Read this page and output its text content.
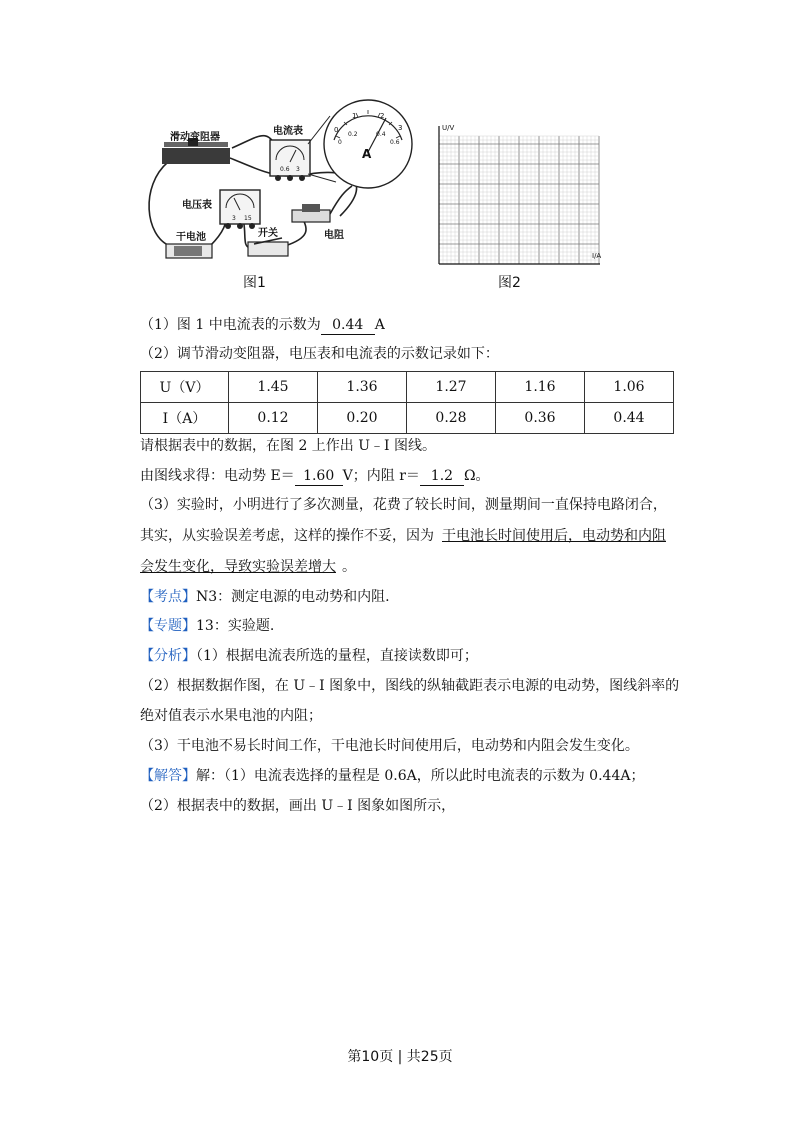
滑动变阻器
0.6 3
电流表	0
1	2
3
0
0.2	0.4
0.6
A
3 15
电压表
电阻
干电池	开关
U/V
I/A
图1	图2
（1）图 1 中电流表的示数为 0.44 A
（2）调节滑动变阻器，电压表和电流表的示数记录如下：
U（V）	1.45	1.36	1.27	1.16	1.06
I（A）	0.12	0.20	0.28	0.36	0.44
请根据表中的数据，在图 2 上作出 U﹣I 图线。
由图线求得：电动势 E＝ 1.60 V；内阻 r＝ 1.2 Ω。
（3）实验时，小明进行了多次测量，花费了较长时间，测量期间一直保持电路闭合，
其实，从实验误差考虑，这样的操作不妥，因为 干电池长时间使用后，电动势和内阻
会发生变化，导致实验误差增大 。
【考点】N3：测定电源的电动势和内阻.
【专题】13：实验题.
【分析】（1）根据电流表所选的量程，直接读数即可；
（2）根据数据作图，在 U﹣I 图象中，图线的纵轴截距表示电源的电动势，图线斜率的
绝对值表示水果电池的内阻；
（3）干电池不易长时间工作，干电池长时间使用后，电动势和内阻会发生变化。
【解答】解：（1）电流表选择的量程是 0.6A，所以此时电流表的示数为 0.44A；
（2）根据表中的数据，画出 U﹣I 图象如图所示，
第10页 | 共25页
